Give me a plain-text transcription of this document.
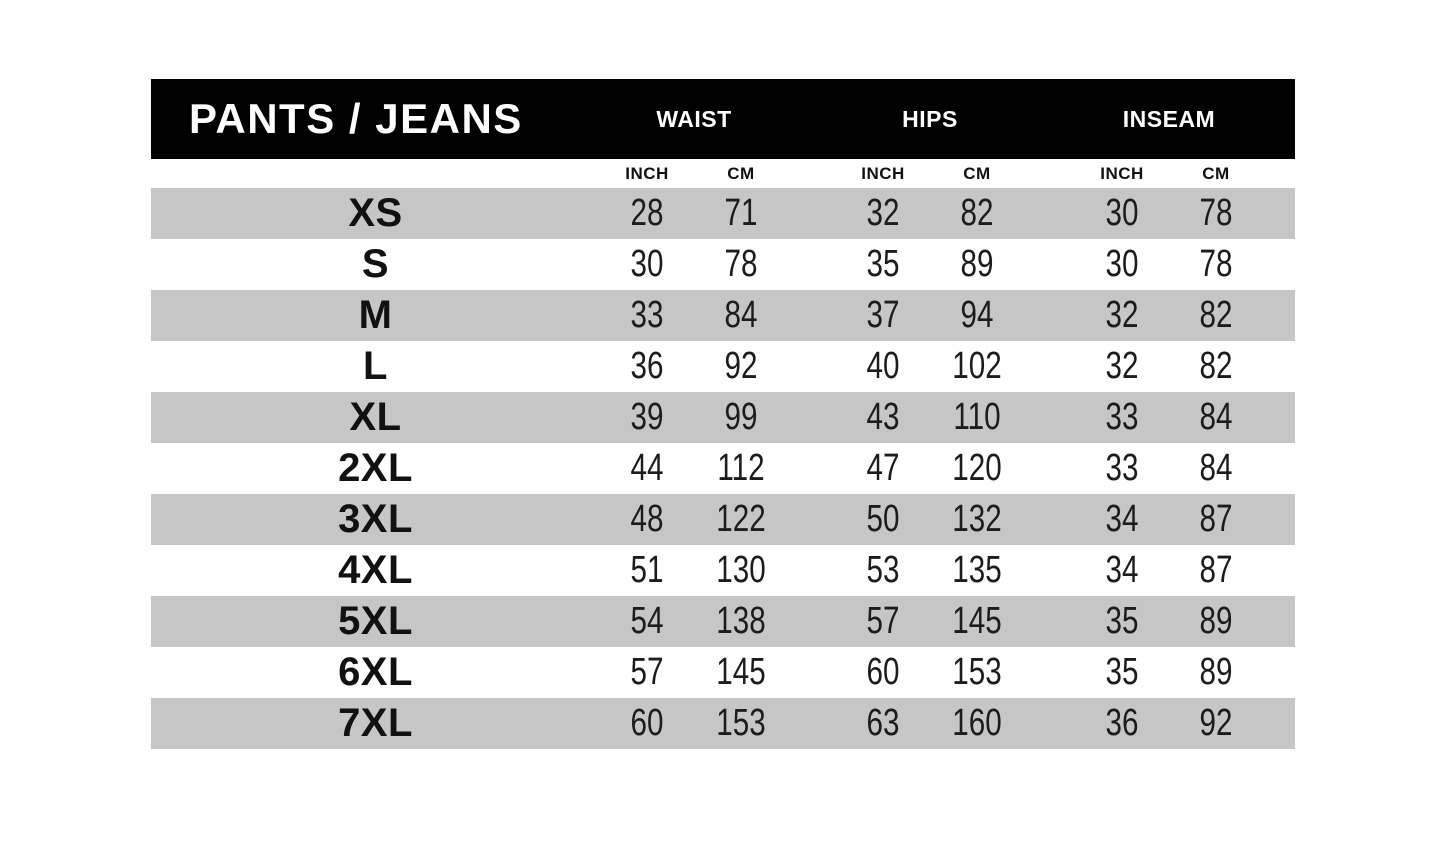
PANTS / JEANS	WAIST	HIPS	INSEAM
INCH	CM	INCH	CM	INCH	CM
XS	28	71	32	82	30	78
S	30	78	35	89	30	78
M	33	84	37	94	32	82
L	36	92	40	102	32	82
XL	39	99	43	110	33	84
2XL	44	112	47	120	33	84
3XL	48	122	50	132	34	87
4XL	51	130	53	135	34	87
5XL	54	138	57	145	35	89
6XL	57	145	60	153	35	89
7XL	60	153	63	160	36	92
